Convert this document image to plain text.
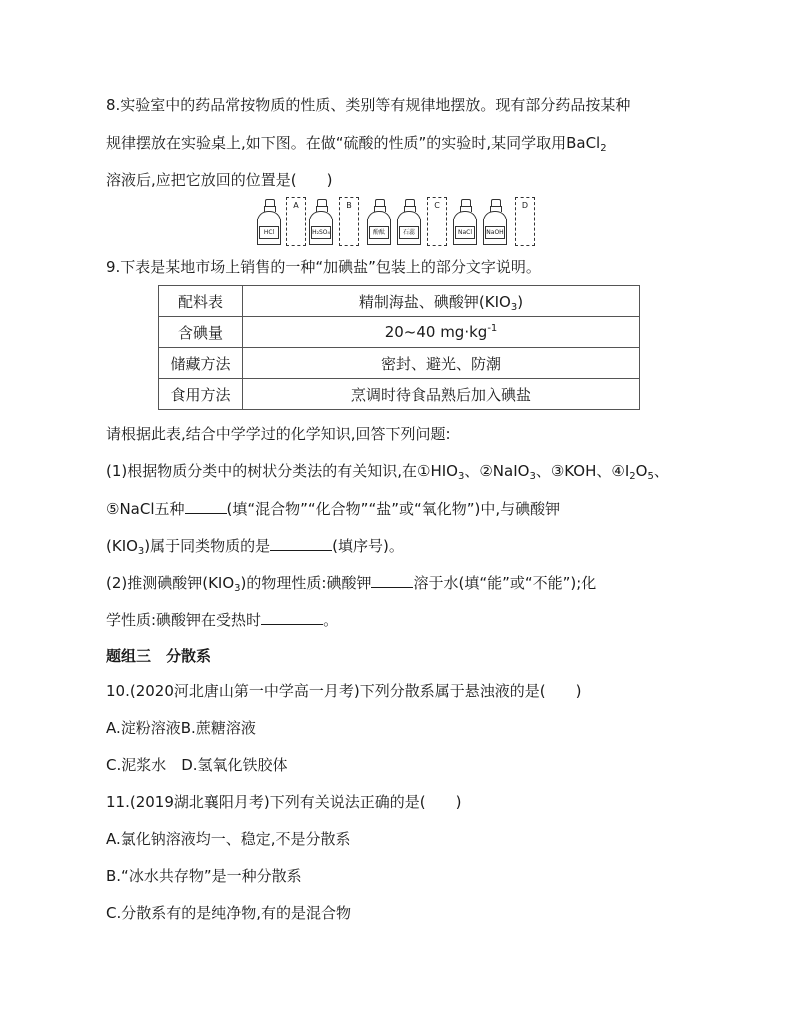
8.实验室中的药品常按物质的性质、类别等有规律地摆放。现有部分药品按某种
规律摆放在实验桌上,如下图。在做“硫酸的性质”的实验时,某同学取用BaCl$_2$
溶液后,应把它放回的位置是(　　)
HCl
A
H₂SO₄
B
酚酞	石蕊
C
NaCl	NaOH
D
9.下表是某地市场上销售的一种“加碘盐”包装上的部分文字说明。
配料表	精制海盐、碘酸钾$(KIO_3)$
含碘量	20~40 $mg\cdot kg^{-1}$
储藏方法	密封、避光、防潮
食用方法	烹调时待食品熟后加入碘盐
请根据此表,结合中学学过的化学知识,回答下列问题:
(1)根据物质分类中的树状分类法的有关知识,在$①HIO_3$、②NaIO$_3$、③KOH、$④I_2O_5$、
⑤NaCl五种	(填“混合物”“化合物”“盐”或“氧化物”)中,与碘酸钾
$(KIO_3)$属于同类物质的是	(填序号)。
(2)推测碘酸钾$(KIO_3)$的物理性质:碘酸钾	溶于水(填“能”或“不能”);化
学性质:碘酸钾在受热时	。
题组三　分散系
10.(2020河北唐山第一中学高一月考)下列分散系属于悬浊液的是(　　)
A.淀粉溶液B.蔗糖溶液
C.泥浆水　D.氢氧化铁胶体
11.(2019湖北襄阳月考)下列有关说法正确的是(　　)
A.氯化钠溶液均一、稳定,不是分散系
B.“冰水共存物”是一种分散系
C.分散系有的是纯净物,有的是混合物
